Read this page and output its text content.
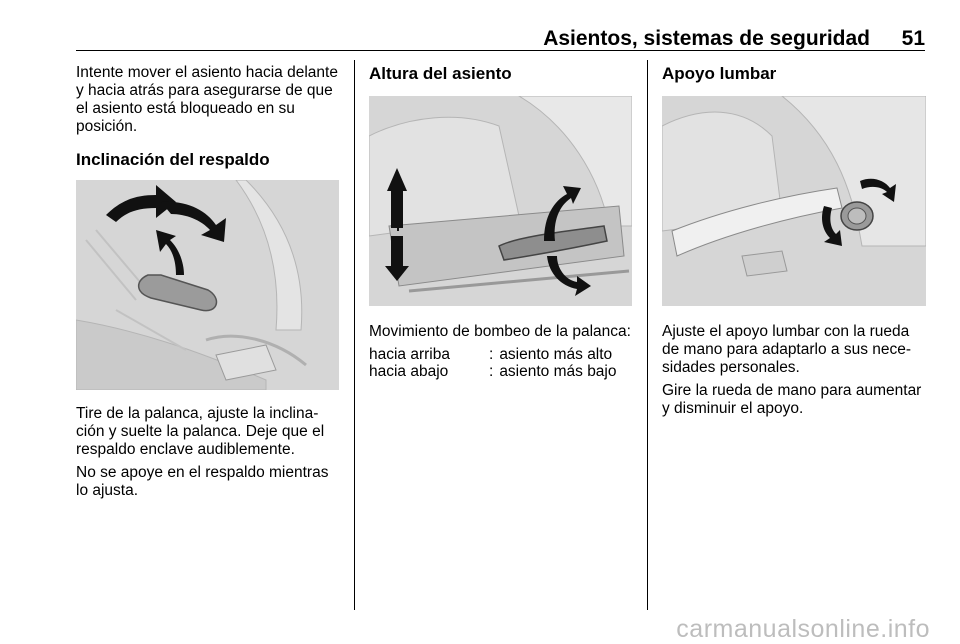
Asientos, sistemas de seguridad	51

Intente mover el asiento hacia delante y hacia atrás para asegurarse de que el asiento está bloqueado en su posición.

Inclinación del respaldo

Tire de la palanca, ajuste la inclinación y suelte la palanca. Deje que el respaldo enclave audiblemente.

No se apoye en el respaldo mientras lo ajusta.

Altura del asiento

Movimiento de bombeo de la palanca:

hacia arriba	:	asiento más alto
hacia abajo	:	asiento más bajo
Apoyo lumbar

Ajuste el apoyo lumbar con la rueda de mano para adaptarlo a sus necesidades personales.

Gire la rueda de mano para aumentar y disminuir el apoyo.

carmanualsonline.info
